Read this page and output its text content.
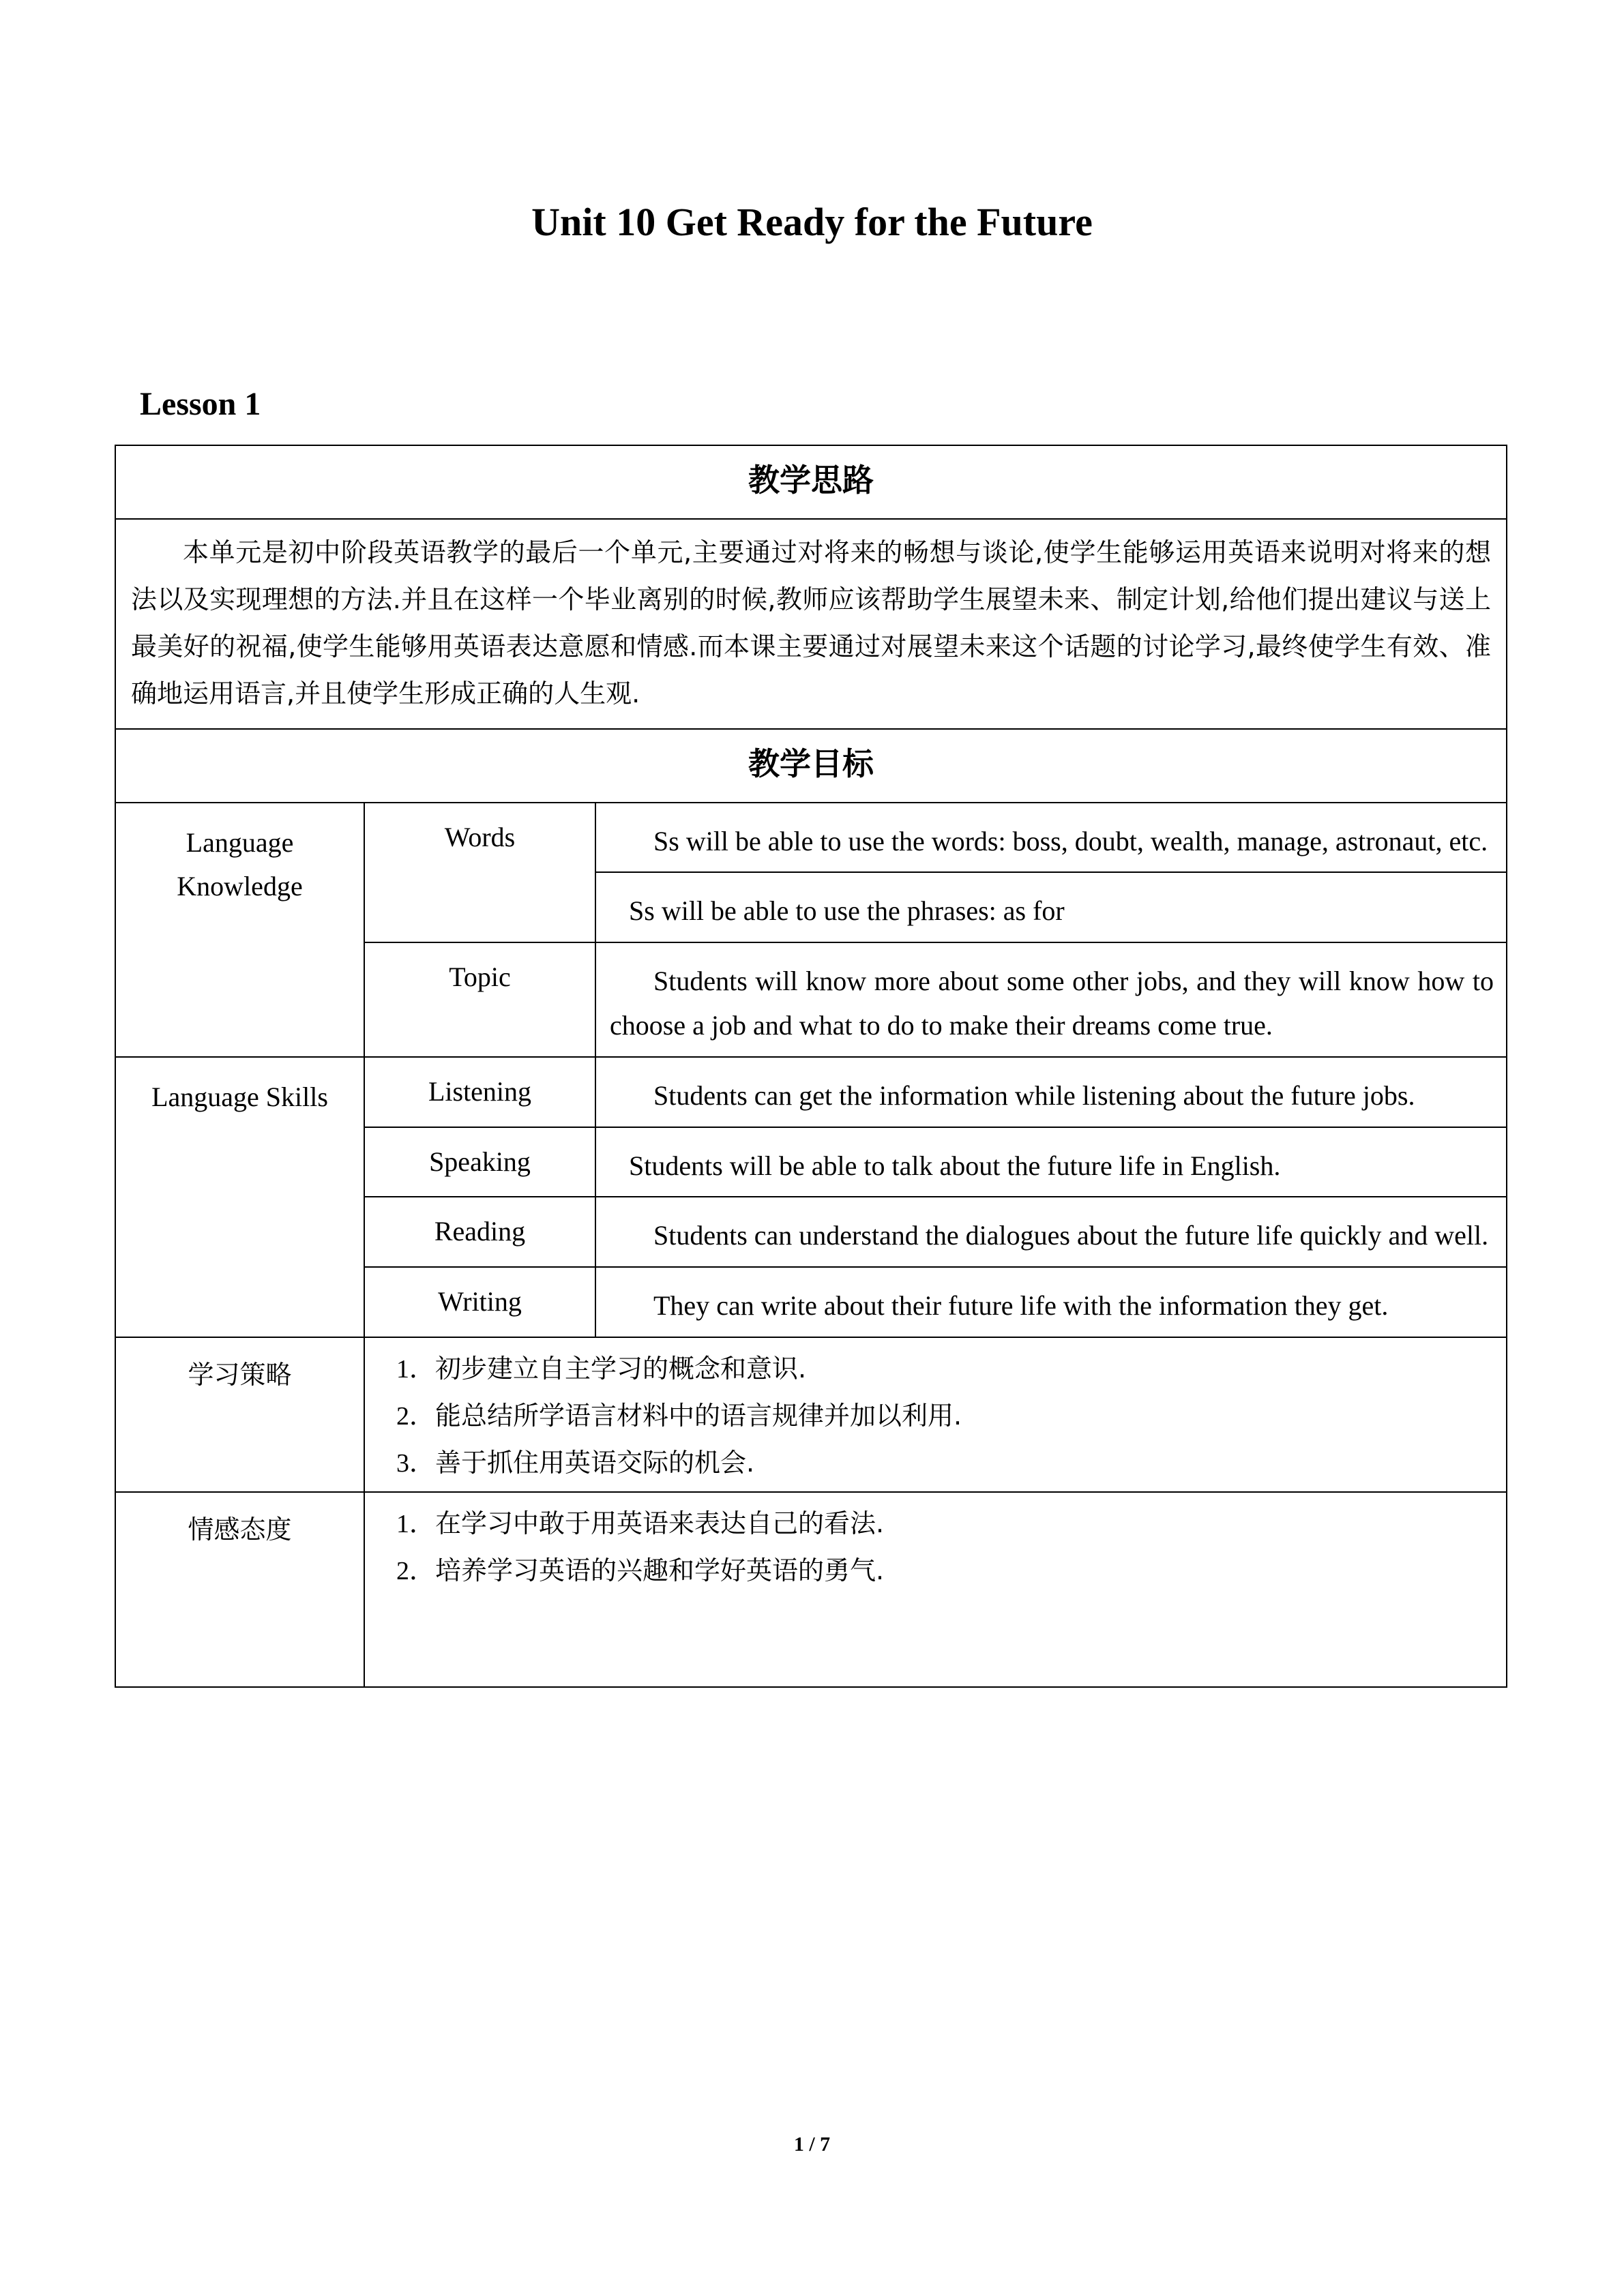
Unit 10 Get Ready for the Future
Lesson 1
教学思路		
本单元是初中阶段英语教学的最后一个单元,主要通过对将来的畅想与谈论,使学生能够运用英语来说明对将来的想法以及实现理想的方法.并且在这样一个毕业离别的时候,教师应该帮助学生展望未来、制定计划,给他们提出建议与送上最美好的祝福,使学生能够用英语表达意愿和情感.而本课主要通过对展望未来这个话题的讨论学习,最终使学生有效、准确地运用语言,并且使学生形成正确的人生观.		
教学目标		
Language Knowledge	Words	Ss will be able to use the words: boss, doubt, wealth, manage, astronaut, etc.
		Ss will be able to use the phrases: as for
	Topic	Students will know more about some other jobs, and they will know how to choose a job and what to do to make their dreams come true.
Language Skills	Listening	Students can get the information while listening about the future jobs.
	Speaking	Students will be able to talk about the future life in English.
	Reading	Students can understand the dialogues about the future life quickly and well.
	Writing	They can write about their future life with the information they get.
学习策略	1．初步建立自主学习的概念和意识.
2．能总结所学语言材料中的语言规律并加以利用.
3．善于抓住用英语交际的机会.	

情感态度	1．在学习中敢于用英语来表达自己的看法.
2．培养学习英语的兴趣和学好英语的勇气.	
1 / 7
